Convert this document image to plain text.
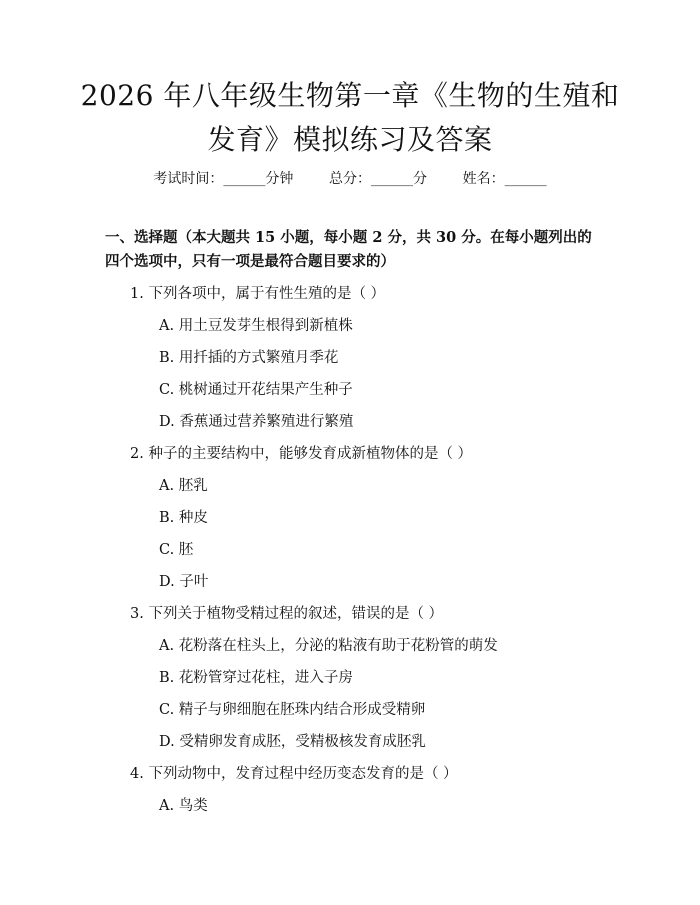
2026 年八年级生物第一章《生物的生殖和发育》模拟练习及答案
考试时间：______分钟	总分：______分	姓名：______
一、选择题（本大题共 15 小题，每小题 2 分，共 30 分。在每小题列出的四个选项中，只有一项是最符合题目要求的）
1. 下列各项中，属于有性生殖的是（ ）
A. 用土豆发芽生根得到新植株
B. 用扦插的方式繁殖月季花
C. 桃树通过开花结果产生种子
D. 香蕉通过营养繁殖进行繁殖
2. 种子的主要结构中，能够发育成新植物体的是（ ）
A. 胚乳
B. 种皮
C. 胚
D. 子叶
3. 下列关于植物受精过程的叙述，错误的是（ ）
A. 花粉落在柱头上，分泌的粘液有助于花粉管的萌发
B. 花粉管穿过花柱，进入子房
C. 精子与卵细胞在胚珠内结合形成受精卵
D. 受精卵发育成胚，受精极核发育成胚乳
4. 下列动物中，发育过程中经历变态发育的是（ ）
A. 鸟类
